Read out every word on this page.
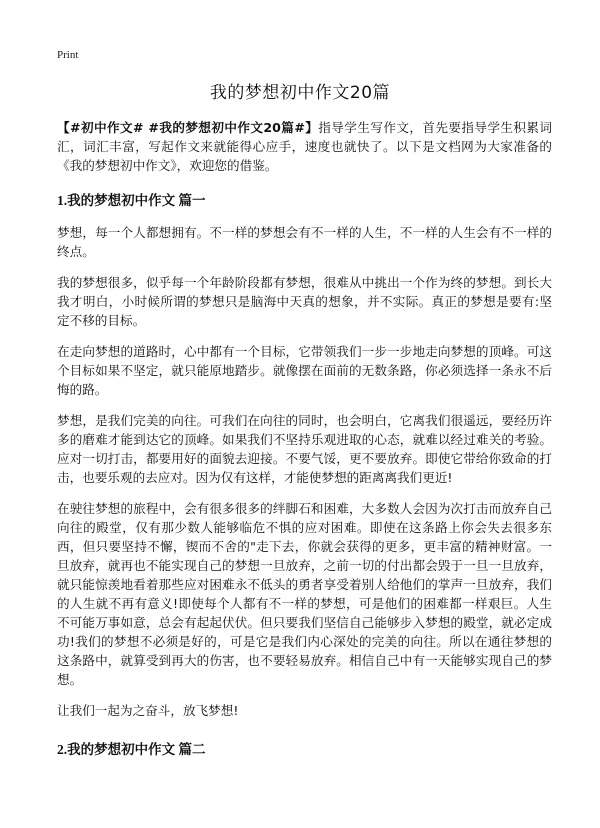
Print
我的梦想初中作文20篇

【#初中作文# #我的梦想初中作文20篇#】指导学生写作文，首先要指导学生积累词汇，词汇丰富，写起作文来就能得心应手，速度也就快了。以下是文档网为大家准备的《我的梦想初中作文》，欢迎您的借鉴。

1.我的梦想初中作文 篇一

梦想，每一个人都想拥有。不一样的梦想会有不一样的人生，不一样的人生会有不一样的终点。

我的梦想很多，似乎每一个年龄阶段都有梦想，很难从中挑出一个作为终的梦想。到长大我才明白，小时候所谓的梦想只是脑海中天真的想象，并不实际。真正的梦想是要有:坚定不移的目标。

在走向梦想的道路时，心中都有一个目标，它带领我们一步一步地走向梦想的顶峰。可这个目标如果不坚定，就只能原地踏步。就像摆在面前的无数条路，你必须选择一条永不后悔的路。

梦想，是我们完美的向往。可我们在向往的同时，也会明白，它离我们很遥远，要经历许多的磨难才能到达它的顶峰。如果我们不坚持乐观进取的心态，就难以经过难关的考验。应对一切打击，都要用好的面貌去迎接。不要气馁，更不要放弃。即使它带给你致命的打击，也要乐观的去应对。因为仅有这样，才能使梦想的距离离我们更近!

在驶往梦想的旅程中，会有很多很多的绊脚石和困难，大多数人会因为次打击而放弃自己向往的殿堂，仅有那少数人能够临危不惧的应对困难。即使在这条路上你会失去很多东西，但只要坚持不懈，锲而不舍的"走下去，你就会获得的更多，更丰富的精神财富。一旦放弃，就再也不能实现自己的梦想一旦放弃，之前一切的付出都会毁于一旦一旦放弃，就只能惊羡地看着那些应对困难永不低头的勇者享受着别人给他们的掌声一旦放弃，我们的人生就不再有意义!即使每个人都有不一样的梦想，可是他们的困难都一样艰巨。人生不可能万事如意，总会有起起伏伏。但只要我们坚信自己能够步入梦想的殿堂，就必定成功!我们的梦想不必须是好的，可是它是我们内心深处的完美的向往。所以在通往梦想的这条路中，就算受到再大的伤害，也不要轻易放弃。相信自己中有一天能够实现自己的梦想。

让我们一起为之奋斗，放飞梦想!

2.我的梦想初中作文 篇二
